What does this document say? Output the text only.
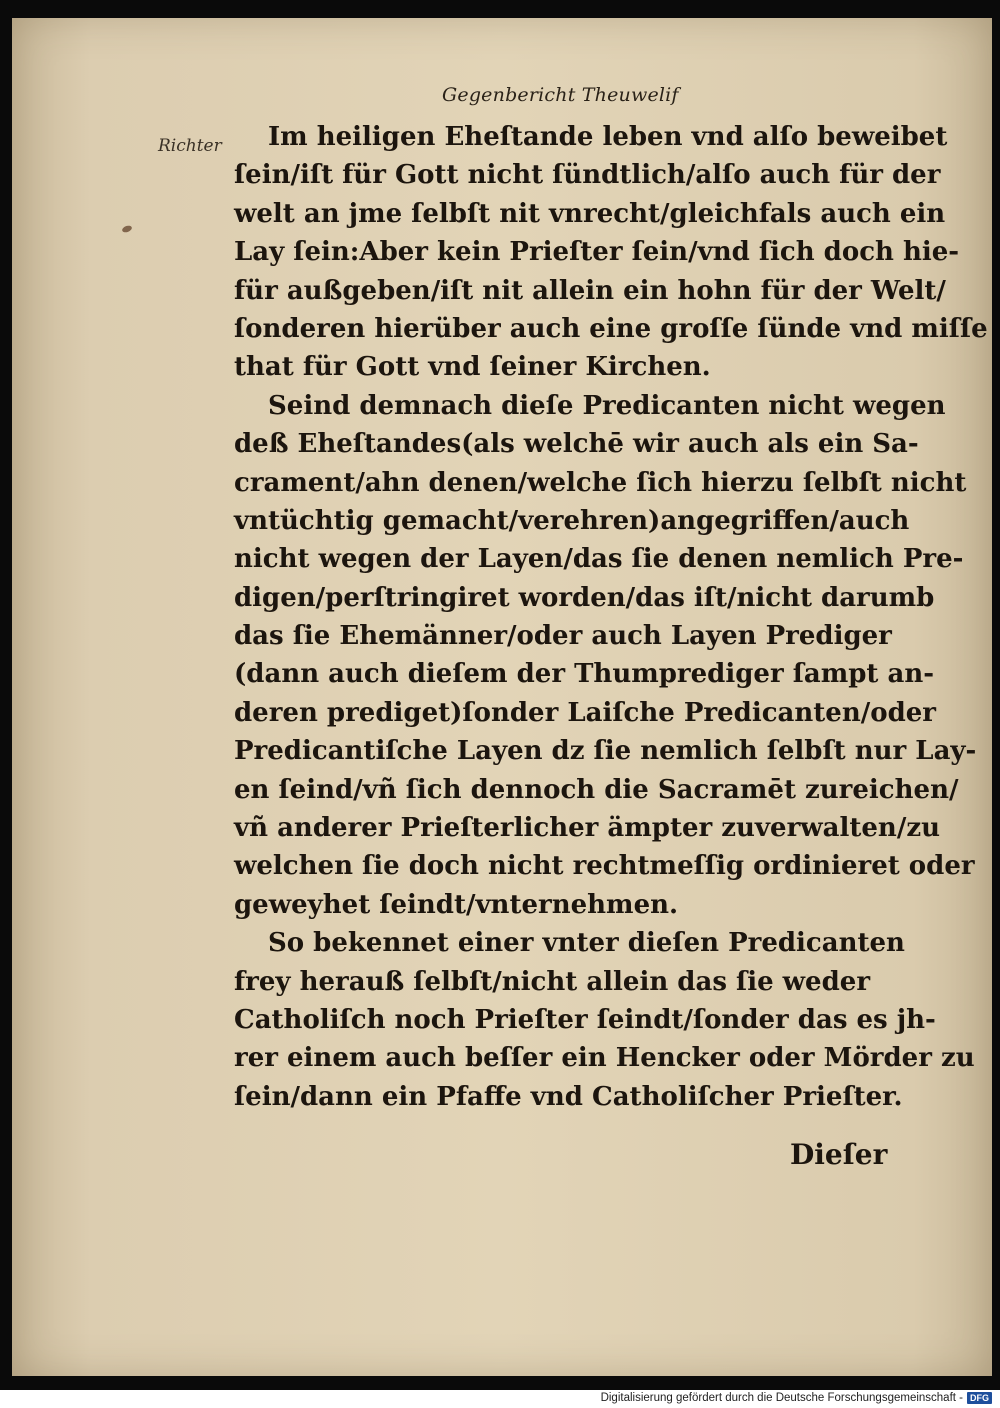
Gegenbericht Theuwelif
Richter	Im heiligen Eheſtande leben vnd alſo beweibet
ſein/iſt für Gott nicht ſündtlich/alſo auch für der
welt an jme ſelbſt nit vnrecht/gleichfals auch ein
Lay ſein:Aber kein Prieſter ſein/vnd ſich doch hie-
für außgeben/iſt nit allein ein hohn für der Welt/
ſonderen hierüber auch eine groſſe ſünde vnd miſſe
that für Gott vnd ſeiner Kirchen.
Seind demnach dieſe Predicanten nicht wegen
deß Eheſtandes(als welchē wir auch als ein Sa-
crament/ahn denen/welche ſich hierzu ſelbſt nicht
vntüchtig gemacht/verehren)angegriffen/auch
nicht wegen der Layen/das ſie denen nemlich Pre-
digen/perſtringiret worden/das iſt/nicht darumb
das ſie Ehemänner/oder auch Layen Prediger
(dann auch dieſem der Thumprediger ſampt an-
deren prediget)ſonder Laiſche Predicanten/oder
Predicantiſche Layen dz ſie nemlich ſelbſt nur Lay-
en ſeind/vñ ſich dennoch die Sacramēt zureichen/
vñ anderer Prieſterlicher ämpter zuverwalten/zu
welchen ſie doch nicht rechtmeſſig ordinieret oder
geweyhet ſeindt/vnternehmen.
So bekennet einer vnter dieſen Predicanten
frey herauß ſelbſt/nicht allein das ſie weder
Catholiſch noch Prieſter ſeindt/ſonder das es jh-
rer einem auch beſſer ein Hencker oder Mörder zu
ſein/dann ein Pfaffe vnd Catholiſcher Prieſter.
Dieſer
Digitalisierung gefördert durch die Deutsche Forschungsgemeinschaft - DFG
